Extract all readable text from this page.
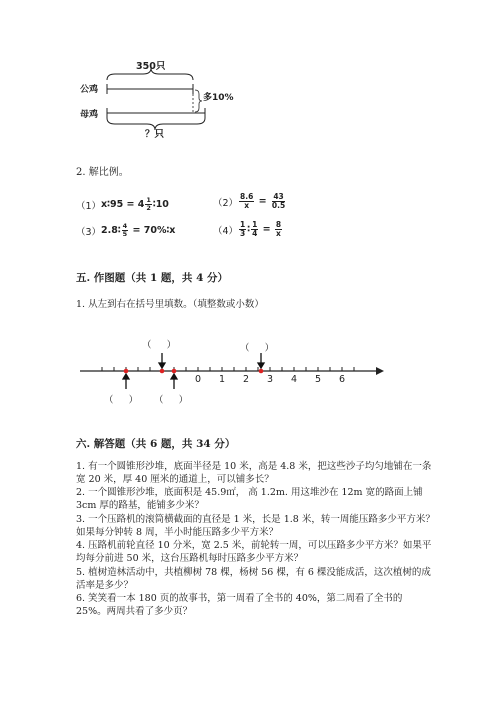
350只
公鸡
母鸡
多10%
？只
2. 解比例。
（1） x∶95 = $4 \frac{1}{2}$ ∶10	$(2) \frac{8.6}{x} = \frac{43}{0.5}$
（3） 2.8∶ $\frac{4}{5}$ = 70%∶x	$(4) \frac{1}{3}$ ∶ $\frac{1}{4} = \frac{8}{x}$
五. 作图题（共 1 题，共 4 分）
1. 从左到右在括号里填数。（填整数或小数）
0 1 2 3 4 5 6
（     ）	（     ）
（     ） （     ）
六. 解答题（共 6 题，共 34 分）
1. 有一个圆锥形沙堆，底面半径是 10 米，高是 4.8 米，把这些沙子均匀地铺在一条宽 20 米，厚 40 厘米的通道上，可以铺多长？
2. 一个圆锥形沙堆，底面积是 45.9㎡， 高 1.2m. 用这堆沙在 12m 宽的路面上铺 3cm 厚的路基，能铺多少米？
3. 一个压路机的滚筒横截面的直径是 1 米，长是 1.8 米，转一周能压路多少平方米？如果每分钟转 8 周，半小时能压路多少平方米？
4. 压路机前轮直径 10 分米，宽 2.5 米，前轮转一周，可以压路多少平方米？如果平均每分前进 50 米，这台压路机每时压路多少平方米？
5. 植树造林活动中，共植柳树 78 棵，杨树 56 棵，有 6 棵没能成活，这次植树的成活率是多少？
6. 笑笑看一本 180 页的故事书，第一周看了全书的 40%，第二周看了全书的 25%。两周共看了多少页？
